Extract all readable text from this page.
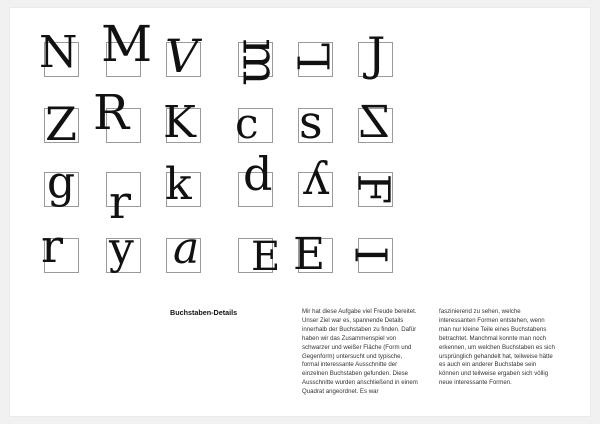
N M V m L J
Z R K c s Z
g r k d y F
r y a E E I
Buchstaben-Details	Mir hat diese Aufgabe viel Freude bereitet. Unser Ziel war es, spannende Details innerhalb der Buchstaben zu finden. Dafür haben wir das Zusammenspiel von schwarzer und weißer Fläche (Form und Gegenform) untersucht und typische, formal interessante Ausschnitte der einzelnen Buchstaben gefunden. Diese Ausschnitte wurden anschließend in einem Quadrat angeordnet. Es war
faszinierend zu sehen, welche interessanten Formen entstehen, wenn man nur kleine Teile eines Buchstabens betrachtet. Manchmal konnte man noch erkennen, um welchen Buchstaben es sich ursprünglich gehandelt hat, teilweise hätte es auch ein anderer Buchstabe sein können und teilweise ergaben sich völlig neue interessante Formen.
